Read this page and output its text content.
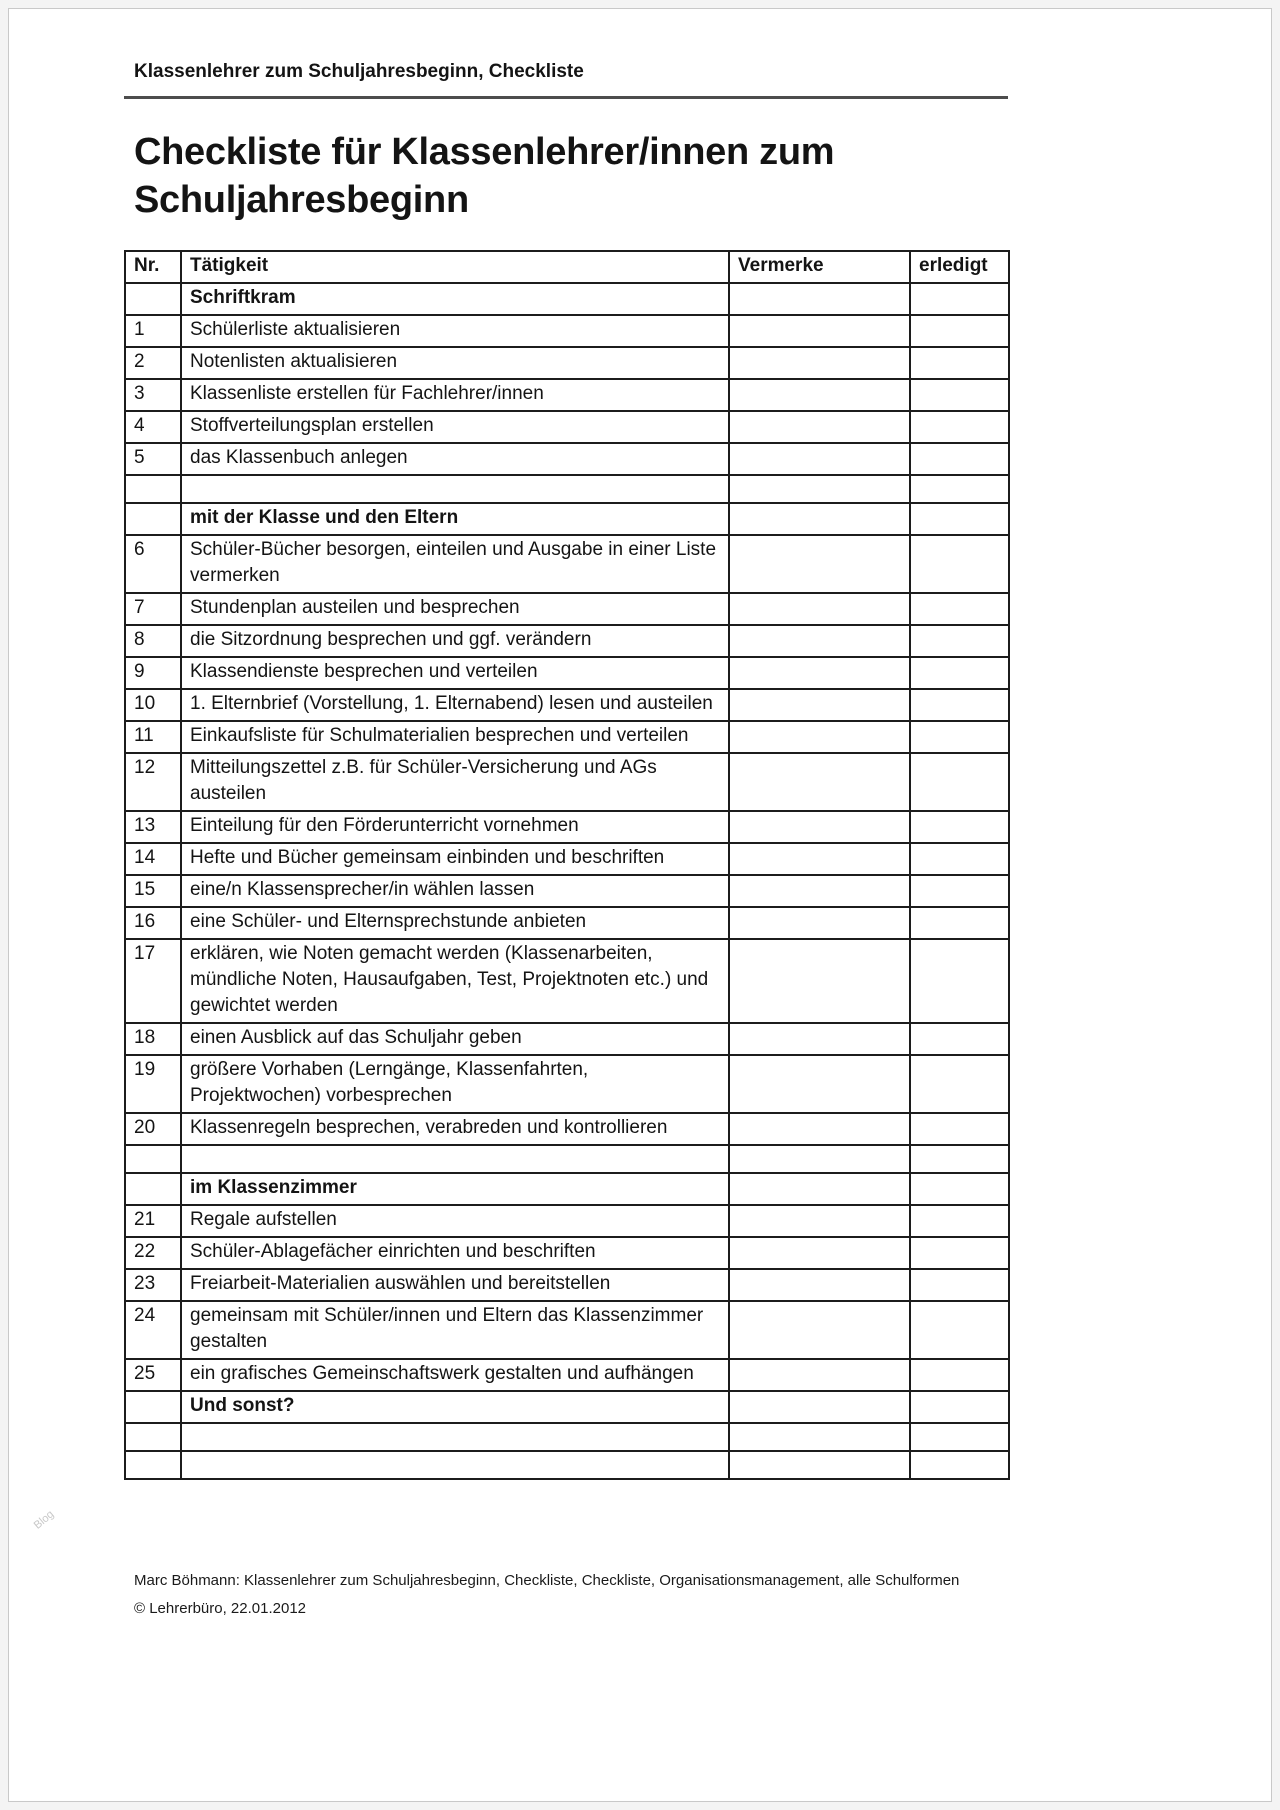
Klassenlehrer zum Schuljahresbeginn, Checkliste
Checkliste für Klassenlehrer/innen zum Schuljahresbeginn
Nr.	Tätigkeit	Vermerke	erledigt
	Schriftkram		
1	Schülerliste aktualisieren		
2	Notenlisten aktualisieren		
3	Klassenliste erstellen für Fachlehrer/innen		
4	Stoffverteilungsplan erstellen		
5	das Klassenbuch anlegen		

	mit der Klasse und den Eltern		
6	Schüler-Bücher besorgen, einteilen und Ausgabe in einer Liste vermerken		
7	Stundenplan austeilen und besprechen		
8	die Sitzordnung besprechen und ggf. verändern		
9	Klassendienste besprechen und verteilen		
10	1. Elternbrief (Vorstellung, 1. Elternabend) lesen und austeilen		
11	Einkaufsliste für Schulmaterialien besprechen und verteilen		
12	Mitteilungszettel z.B. für Schüler-Versicherung und AGs austeilen		
13	Einteilung für den Förderunterricht vornehmen		
14	Hefte und Bücher gemeinsam einbinden und beschriften		
15	eine/n Klassensprecher/in wählen lassen		
16	eine Schüler- und Elternsprechstunde anbieten		
17	erklären, wie Noten gemacht werden (Klassenarbeiten, mündliche Noten, Hausaufgaben, Test, Projektnoten etc.) und gewichtet werden		
18	einen Ausblick auf das Schuljahr geben		
19	größere Vorhaben (Lerngänge, Klassenfahrten, Projektwochen) vorbesprechen		
20	Klassenregeln besprechen, verabreden und kontrollieren		

	im Klassenzimmer		
21	Regale aufstellen		
22	Schüler-Ablagefächer einrichten und beschriften		
23	Freiarbeit-Materialien auswählen und bereitstellen		
24	gemeinsam mit Schüler/innen und Eltern das Klassenzimmer gestalten		
25	ein grafisches Gemeinschaftswerk gestalten und aufhängen		
	Und sonst?		

Marc Böhmann: Klassenlehrer zum Schuljahresbeginn, Checkliste, Checkliste, Organisationsmanagement, alle Schulformen
© Lehrerbüro, 22.01.2012
Blog
